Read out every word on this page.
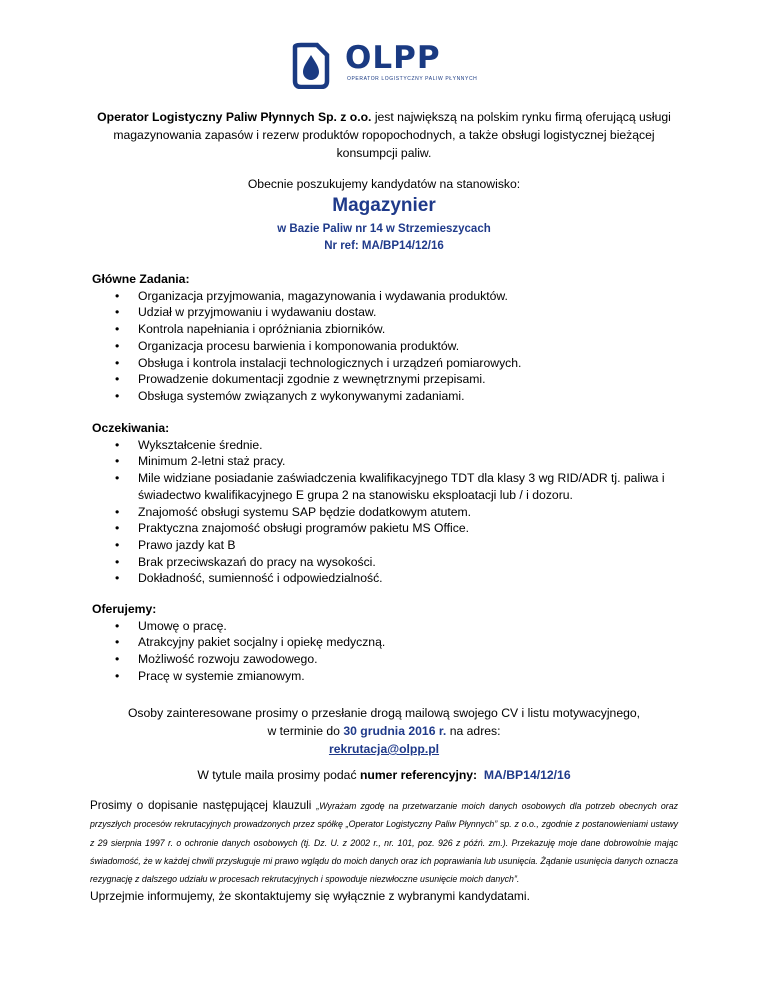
OLPP
OPERATOR LOGISTYCZNY PALIW PŁYNNYCH
Operator Logistyczny Paliw Płynnych Sp. z o.o. jest największą na polskim rynku firmą oferującą usługi magazynowania zapasów i rezerw produktów ropopochodnych, a także obsługi logistycznej bieżącej konsumpcji paliw.
Obecnie poszukujemy kandydatów na stanowisko:
Magazynier
w Bazie Paliw nr 14 w Strzemieszycach
Nr ref: MA/BP14/12/16
Główne Zadania:
• Organizacja przyjmowania, magazynowania i wydawania produktów.
• Udział w przyjmowaniu i wydawaniu dostaw.
• Kontrola napełniania i opróżniania zbiorników.
• Organizacja procesu barwienia i komponowania produktów.
• Obsługa i kontrola instalacji technologicznych i urządzeń pomiarowych.
• Prowadzenie dokumentacji zgodnie z wewnętrznymi przepisami.
• Obsługa systemów związanych z wykonywanymi zadaniami.
Oczekiwania:
• Wykształcenie średnie.
• Minimum 2-letni staż pracy.
• Mile widziane posiadanie zaświadczenia kwalifikacyjnego TDT dla klasy 3 wg RID/ADR tj. paliwa i świadectwo kwalifikacyjnego E grupa 2 na stanowisku eksploatacji lub / i dozoru.
• Znajomość obsługi systemu SAP będzie dodatkowym atutem.
• Praktyczna znajomość obsługi programów pakietu MS Office.
• Prawo jazdy kat B
• Brak przeciwskazań do pracy na wysokości.
• Dokładność, sumienność i odpowiedzialność.
Oferujemy:
• Umowę o pracę.
• Atrakcyjny pakiet socjalny i opiekę medyczną.
• Możliwość rozwoju zawodowego.
• Pracę w systemie zmianowym.
Osoby zainteresowane prosimy o przesłanie drogą mailową swojego CV i listu motywacyjnego,
w terminie do 30 grudnia 2016 r. na adres:
rekrutacja@olpp.pl
W tytule maila prosimy podać numer referencyjny: MA/BP14/12/16
Prosimy o dopisanie następującej klauzuli „Wyrażam zgodę na przetwarzanie moich danych osobowych dla potrzeb obecnych oraz przyszłych procesów rekrutacyjnych prowadzonych przez spółkę „Operator Logistyczny Paliw Płynnych” sp. z o.o., zgodnie z postanowieniami ustawy z 29 sierpnia 1997 r. o ochronie danych osobowych (tj. Dz. U. z 2002 r., nr. 101, poz. 926 z późń. zm.). Przekazuję moje dane dobrowolnie mając świadomość, że w każdej chwili przysługuje mi prawo wglądu do moich danych oraz ich poprawiania lub usunięcia. Żądanie usunięcia danych oznacza rezygnację z dalszego udziału w procesach rekrutacyjnych i spowoduje niezwłoczne usunięcie moich danych”.
Uprzejmie informujemy, że skontaktujemy się wyłącznie z wybranymi kandydatami.
